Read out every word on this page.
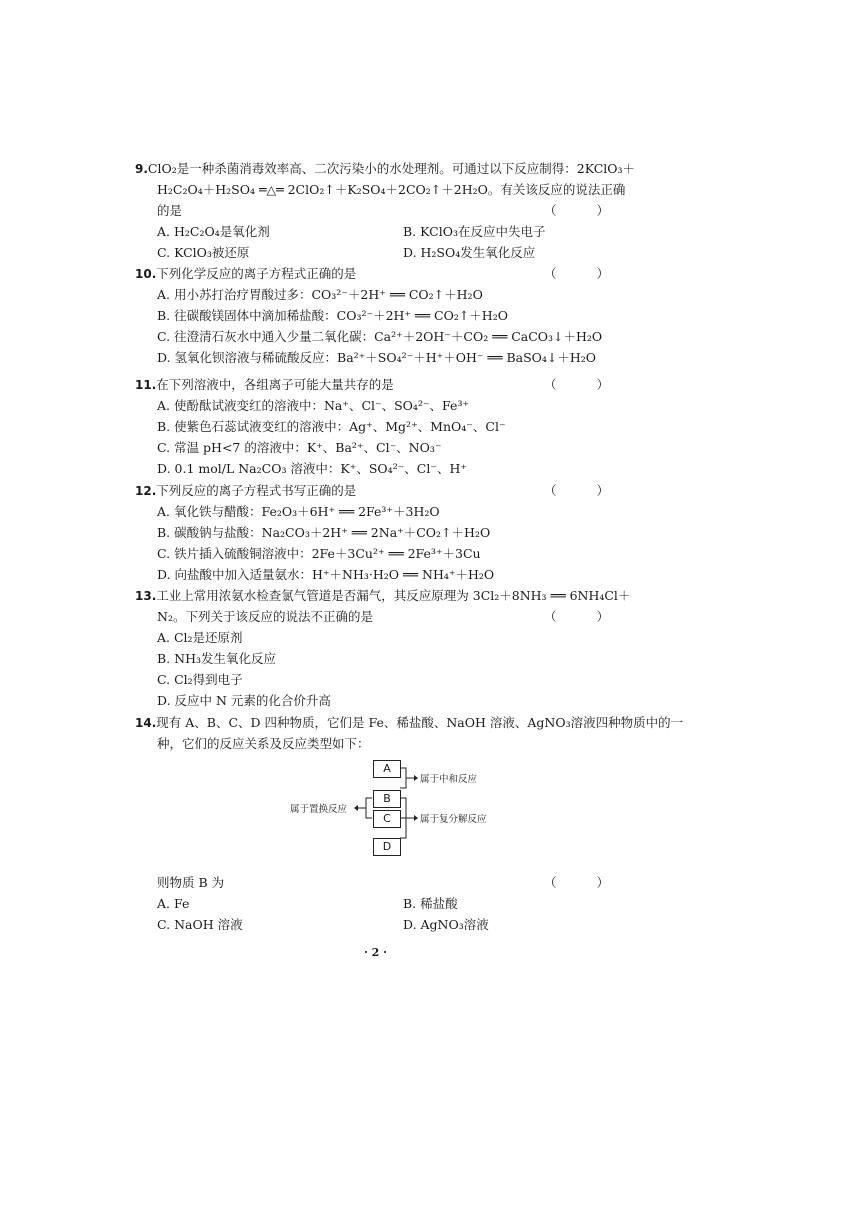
9.ClO₂是一种杀菌消毒效率高、二次污染小的水处理剂。可通过以下反应制得：2KClO₃＋
H₂C₂O₄＋H₂SO₄ ═△═ 2ClO₂↑＋K₂SO₄＋2CO₂↑＋2H₂O。有关该反应的说法正确
的是	（ ）
A. H₂C₂O₄是氧化剂	B. KClO₃在反应中失电子
C. KClO₃被还原	D. H₂SO₄发生氧化反应
10.下列化学反应的离子方程式正确的是	（ ）
A. 用小苏打治疗胃酸过多：CO₃²⁻＋2H⁺ ══ CO₂↑＋H₂O
B. 往碳酸镁固体中滴加稀盐酸：CO₃²⁻＋2H⁺ ══ CO₂↑＋H₂O
C. 往澄清石灰水中通入少量二氧化碳：Ca²⁺＋2OH⁻＋CO₂ ══ CaCO₃↓＋H₂O
D. 氢氧化钡溶液与稀硫酸反应：Ba²⁺＋SO₄²⁻＋H⁺＋OH⁻ ══ BaSO₄↓＋H₂O
11.在下列溶液中，各组离子可能大量共存的是	（ ）
A. 使酚酞试液变红的溶液中：Na⁺、Cl⁻、SO₄²⁻、Fe³⁺
B. 使紫色石蕊试液变红的溶液中：Ag⁺、Mg²⁺、MnO₄⁻、Cl⁻
C. 常温 pH<7 的溶液中：K⁺、Ba²⁺、Cl⁻、NO₃⁻
D. 0.1 mol/L Na₂CO₃ 溶液中：K⁺、SO₄²⁻、Cl⁻、H⁺
12.下列反应的离子方程式书写正确的是	（ ）
A. 氧化铁与醋酸：Fe₂O₃＋6H⁺ ══ 2Fe³⁺＋3H₂O
B. 碳酸钠与盐酸：Na₂CO₃＋2H⁺ ══ 2Na⁺＋CO₂↑＋H₂O
C. 铁片插入硫酸铜溶液中：2Fe＋3Cu²⁺ ══ 2Fe³⁺＋3Cu
D. 向盐酸中加入适量氨水：H⁺＋NH₃·H₂O ══ NH₄⁺＋H₂O
13.工业上常用浓氨水检查氯气管道是否漏气，其反应原理为 3Cl₂＋8NH₃ ══ 6NH₄Cl＋
N₂。下列关于该反应的说法不正确的是	（ ）
A. Cl₂是还原剂
B. NH₃发生氧化反应
C. Cl₂得到电子
D. 反应中 N 元素的化合价升高
14.现有 A、B、C、D 四种物质，它们是 Fe、稀盐酸、NaOH 溶液、AgNO₃溶液四种物质中的一
种，它们的反应关系及反应类型如下：
A
B
C
D
属于中和反应
属于复分解反应
属于置换反应
则物质 B 为	（ ）
A. Fe	B. 稀盐酸
C. NaOH 溶液	D. AgNO₃溶液
· 2 ·
